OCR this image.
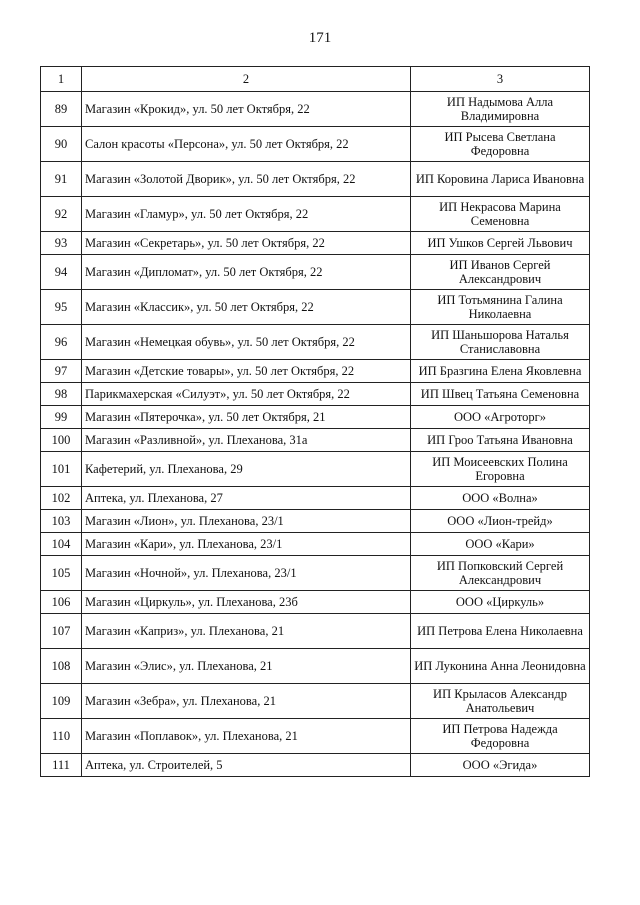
171
1	2	3
89	Магазин «Крокид», ул. 50 лет Октября, 22	ИП Надымова Алла Владимировна
90	Салон красоты «Персона», ул. 50 лет Октября, 22	ИП Рысева Светлана Федоровна
91	Магазин «Золотой Дворик», ул. 50 лет Октября, 22	ИП Коровина Лариса Ивановна
92	Магазин «Гламур», ул. 50 лет Октября, 22	ИП Некрасова Марина Семеновна
93	Магазин «Секретарь», ул. 50 лет Октября, 22	ИП Ушков Сергей Львович
94	Магазин «Дипломат», ул. 50 лет Октября, 22	ИП Иванов Сергей Александрович
95	Магазин «Классик», ул. 50 лет Октября, 22	ИП Тотьмянина Галина Николаевна
96	Магазин «Немецкая обувь», ул. 50 лет Октября, 22	ИП Шаньшорова Наталья Станиславовна
97	Магазин «Детские товары», ул. 50 лет Октября, 22	ИП Бразгина Елена Яковлевна
98	Парикмахерская «Силуэт», ул. 50 лет Октября, 22	ИП Швец Татьяна Семеновна
99	Магазин «Пятерочка», ул. 50 лет Октября, 21	ООО «Агроторг»
100	Магазин «Разливной», ул. Плеханова, 31а	ИП Гроо Татьяна Ивановна
101	Кафетерий, ул. Плеханова, 29	ИП Моисеевских Полина Егоровна
102	Аптека, ул. Плеханова, 27	ООО «Волна»
103	Магазин «Лион», ул. Плеханова, 23/1	ООО «Лион-трейд»
104	Магазин «Кари», ул. Плеханова, 23/1	ООО «Кари»
105	Магазин «Ночной», ул. Плеханова, 23/1	ИП Попковский Сергей Александрович
106	Магазин «Циркуль», ул. Плеханова, 23б	ООО «Циркуль»
107	Магазин «Каприз», ул. Плеханова, 21	ИП Петрова Елена Николаевна
108	Магазин «Элис», ул. Плеханова, 21	ИП Луконина Анна Леонидовна
109	Магазин «Зебра», ул. Плеханова, 21	ИП Крыласов Александр Анатольевич
110	Магазин «Поплавок», ул. Плеханова, 21	ИП Петрова Надежда Федоровна
111	Аптека, ул. Строителей, 5	ООО «Эгида»
